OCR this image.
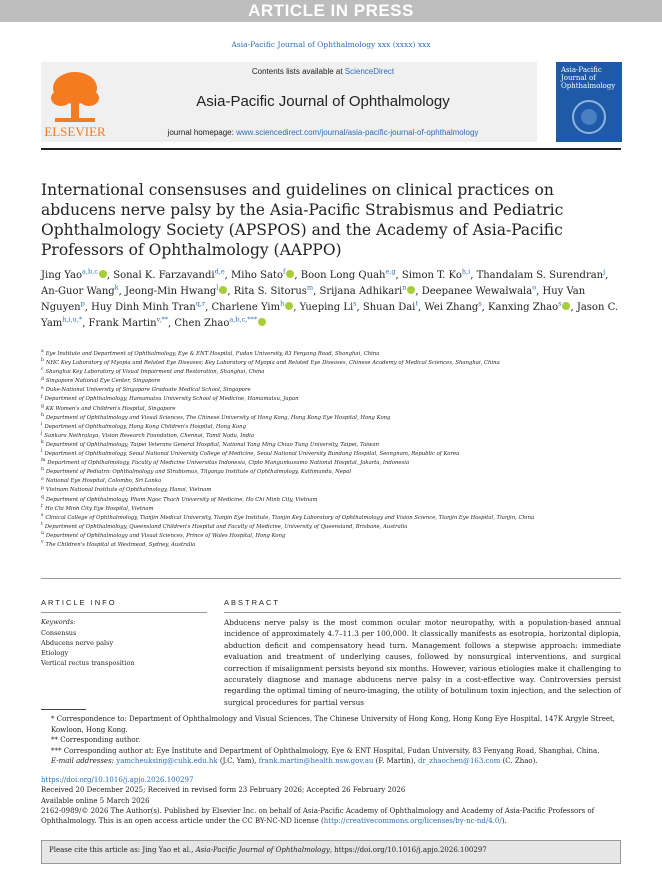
ARTICLE IN PRESS
Asia-Pacific Journal of Ophthalmology xxx (xxxx) xxx
ELSEVIER
Contents lists available at ScienceDirect
Asia-Pacific Journal of Ophthalmology
journal homepage: www.sciencedirect.com/journal/asia-pacific-journal-of-ophthalmology
Asia-Pacific Journal of Ophthalmology
International consensuses and guidelines on clinical practices on abducens nerve palsy by the Asia-Pacific Strabismus and Pediatric Ophthalmology Society (APSPOS) and the Academy of Asia-Pacific Professors of Ophthalmology (AAPPO)
Jing Yao$^{a,b,c}$ , Sonal K. Farzavandi$^{d,e}$, Miho Sato$^f$ , Boon Long Quah$^{e,g}$, Simon T. Ko$^{h,i}$, Thandalam S. Surendran$^j$, An-Guor Wang$^k$, Jeong-Min Hwang$^l$ , Rita S. Sitorus$^m$, Srijana Adhikari$^n$ , Deepanee Wewalwala$^o$, Huy Van Nguyen$^p$, Huy Dinh Minh Tran$^{q,r}$, Charlene Yim$^h$ , Yueping Li$^s$, Shuan Dai$^t$, Wei Zhang$^s$, Kanxing Zhao$^s$ , Jason C. Yam$^{h,i,u,*}$, Frank Martin$^{v,**}$, Chen Zhao$^{a,b,c,***}$
$^a$ Eye Institute and Department of Ophthalmology, Eye & ENT Hospital, Fudan University, 83 Fenyang Road, Shanghai, China
$^b$ NHC Key Laboratory of Myopia and Related Eye Diseases; Key Laboratory of Myopia and Related Eye Diseases, Chinese Academy of Medical Sciences, Shanghai, China
$^c$ Shanghai Key Laboratory of Visual Impairment and Restoration, Shanghai, China
$^d$ Singapore National Eye Center, Singapore
$^e$ Duke-National University of Singapore Graduate Medical School, Singapore
$^f$ Department of Ophthalmology, Hamamatsu University School of Medicine, Hamamatsu, Japan
$^g$ KK Women's and Children's Hospital, Singapore
$^h$ Department of Ophthalmology and Visual Sciences, The Chinese University of Hong Kong, Hong Kong Eye Hospital, Hong Kong
$^i$ Department of Ophthalmology, Hong Kong Children's Hospital, Hong Kong
$^j$ Sankara Nethralaya, Vision Research Foundation, Chennai, Tamil Nadu, India
$^k$ Department of Ophthalmology, Taipei Veterans General Hospital, National Yang Ming Chiao Tung University, Taipei, Taiwan
$^l$ Department of Ophthalmology, Seoul National University College of Medicine, Seoul National University Bundang Hospital, Seongnam, Republic of Korea
$^m$ Department of Ophthalmology, Faculty of Medicine Universitas Indonesia, Cipto Mangunkusumo National Hospital, Jakarta, Indonesia
$^n$ Department of Pediatric Ophthalmology and Strabismus, Tilganga Institute of Ophthalmology, Kathmandu, Nepal
$^o$ National Eye Hospital, Colombo, Sri Lanka
$^p$ Vietnam National Institute of Ophthalmology, Hanoi, Vietnam
$^q$ Department of Ophthalmology, Pham Ngoc Thach University of Medicine, Ho Chi Minh City, Vietnam
$^r$ Ho Chi Minh City Eye Hospital, Vietnam
$^s$ Clinical College of Ophthalmology, Tianjin Medical University, Tianjin Eye Institute, Tianjin Key Laboratory of Ophthalmology and Vision Science, Tianjin Eye Hospital, Tianjin, China
$^t$ Department of Ophthalmology, Queensland Children's Hospital and Faculty of Medicine, University of Queensland, Brisbane, Australia
$^u$ Department of Ophthalmology and Visual Sciences, Prince of Wales Hospital, Hong Kong
$^v$ The Children's Hospital at Westmead, Sydney, Australia
ARTICLE INFO
Keywords:
Consensus
Abducens nerve palsy
Etiology
Vertical rectus transposition
ABSTRACT
Abducens nerve palsy is the most common ocular motor neuropathy, with a population-based annual incidence of approximately 4.7–11.3 per 100,000. It classically manifests as esotropia, horizontal diplopia, abduction deficit and compensatory head turn. Management follows a stepwise approach: immediate evaluation and treatment of underlying causes, followed by nonsurgical interventions, and surgical correction if misalignment persists beyond six months. However, various etiologies make it challenging to accurately diagnose and manage abducens nerve palsy in a cost-effective way. Controversies persist regarding the optimal timing of neuro-imaging, the utility of botulinum toxin injection, and the selection of surgical procedures for partial versus
* Correspondence to: Department of Ophthalmology and Visual Sciences, The Chinese University of Hong Kong, Hong Kong Eye Hospital, 147K Argyle Street, Kowloon, Hong Kong.
** Corresponding author.
*** Corresponding author at: Eye Institute and Department of Ophthalmology, Eye & ENT Hospital, Fudan University, 83 Fenyang Road, Shanghai, China.
E-mail addresses: yamcheuksing@cuhk.edu.hk (J.C. Yam), frank.martin@health.nsw.gov.au (F. Martin), dr_zhaochen@163.com (C. Zhao).
https://doi.org/10.1016/j.apjo.2026.100297
Received 20 December 2025; Received in revised form 23 February 2026; Accepted 26 February 2026
Available online 5 March 2026
2162-0989/© 2026 The Author(s). Published by Elsevier Inc. on behalf of Asia-Pacific Academy of Ophthalmology and Academy of Asia-Pacific Professors of Ophthalmology. This is an open access article under the CC BY-NC-ND license (http://creativecommons.org/licenses/by-nc-nd/4.0/).
Please cite this article as: Jing Yao et al., Asia-Pacific Journal of Ophthalmology, https://doi.org/10.1016/j.apjo.2026.100297
